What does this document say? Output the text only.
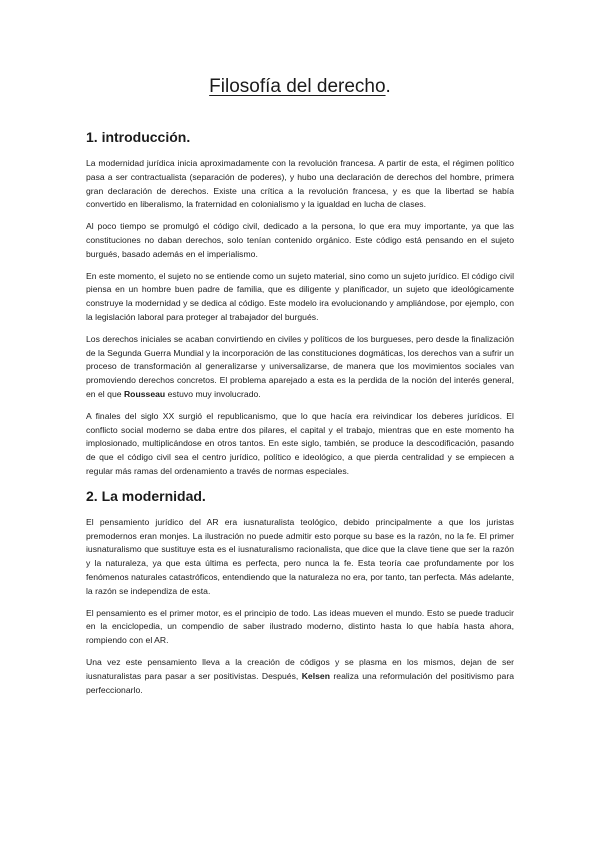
Filosofía del derecho.
1. introducción.

La modernidad jurídica inicia aproximadamente con la revolución francesa. A partir de esta, el régimen político pasa a ser contractualista (separación de poderes), y hubo una declaración de derechos del hombre, primera gran declaración de derechos. Existe una crítica a la revolución francesa, y es que la libertad se había convertido en liberalismo, la fraternidad en colonialismo y la igualdad en lucha de clases.

Al poco tiempo se promulgó el código civil, dedicado a la persona, lo que era muy importante, ya que las constituciones no daban derechos, solo tenían contenido orgánico. Este código está pensando en el sujeto burgués, basado además en el imperialismo.

En este momento, el sujeto no se entiende como un sujeto material, sino como un sujeto jurídico. El código civil piensa en un hombre buen padre de familia, que es diligente y planificador, un sujeto que ideológicamente construye la modernidad y se dedica al código. Este modelo ira evolucionando y ampliándose, por ejemplo, con la legislación laboral para proteger al trabajador del burgués.

Los derechos iniciales se acaban convirtiendo en civiles y políticos de los burgueses, pero desde la finalización de la Segunda Guerra Mundial y la incorporación de las constituciones dogmáticas, los derechos van a sufrir un proceso de transformación al generalizarse y universalizarse, de manera que los movimientos sociales van promoviendo derechos concretos. El problema aparejado a esta es la perdida de la noción del interés general, en el que Rousseau estuvo muy involucrado.

A finales del siglo XX surgió el republicanismo, que lo que hacía era reivindicar los deberes jurídicos. El conflicto social moderno se daba entre dos pilares, el capital y el trabajo, mientras que en este momento ha implosionado, multiplicándose en otros tantos. En este siglo, también, se produce la descodificación, pasando de que el código civil sea el centro jurídico, político e ideológico, a que pierda centralidad y se empiecen a regular más ramas del ordenamiento a través de normas especiales.

2. La modernidad.

El pensamiento jurídico del AR era iusnaturalista teológico, debido principalmente a que los juristas premodernos eran monjes. La ilustración no puede admitir esto porque su base es la razón, no la fe. El primer iusnaturalismo que sustituye esta es el iusnaturalismo racionalista, que dice que la clave tiene que ser la razón y la naturaleza, ya que esta última es perfecta, pero nunca la fe. Esta teoría cae profundamente por los fenómenos naturales catastróficos, entendiendo que la naturaleza no era, por tanto, tan perfecta. Más adelante, la razón se independiza de esta.

El pensamiento es el primer motor, es el principio de todo. Las ideas mueven el mundo. Esto se puede traducir en la enciclopedia, un compendio de saber ilustrado moderno, distinto hasta lo que había hasta ahora, rompiendo con el AR.

Una vez este pensamiento lleva a la creación de códigos y se plasma en los mismos, dejan de ser iusnaturalistas para pasar a ser positivistas. Después, Kelsen realiza una reformulación del positivismo para perfeccionarlo.
